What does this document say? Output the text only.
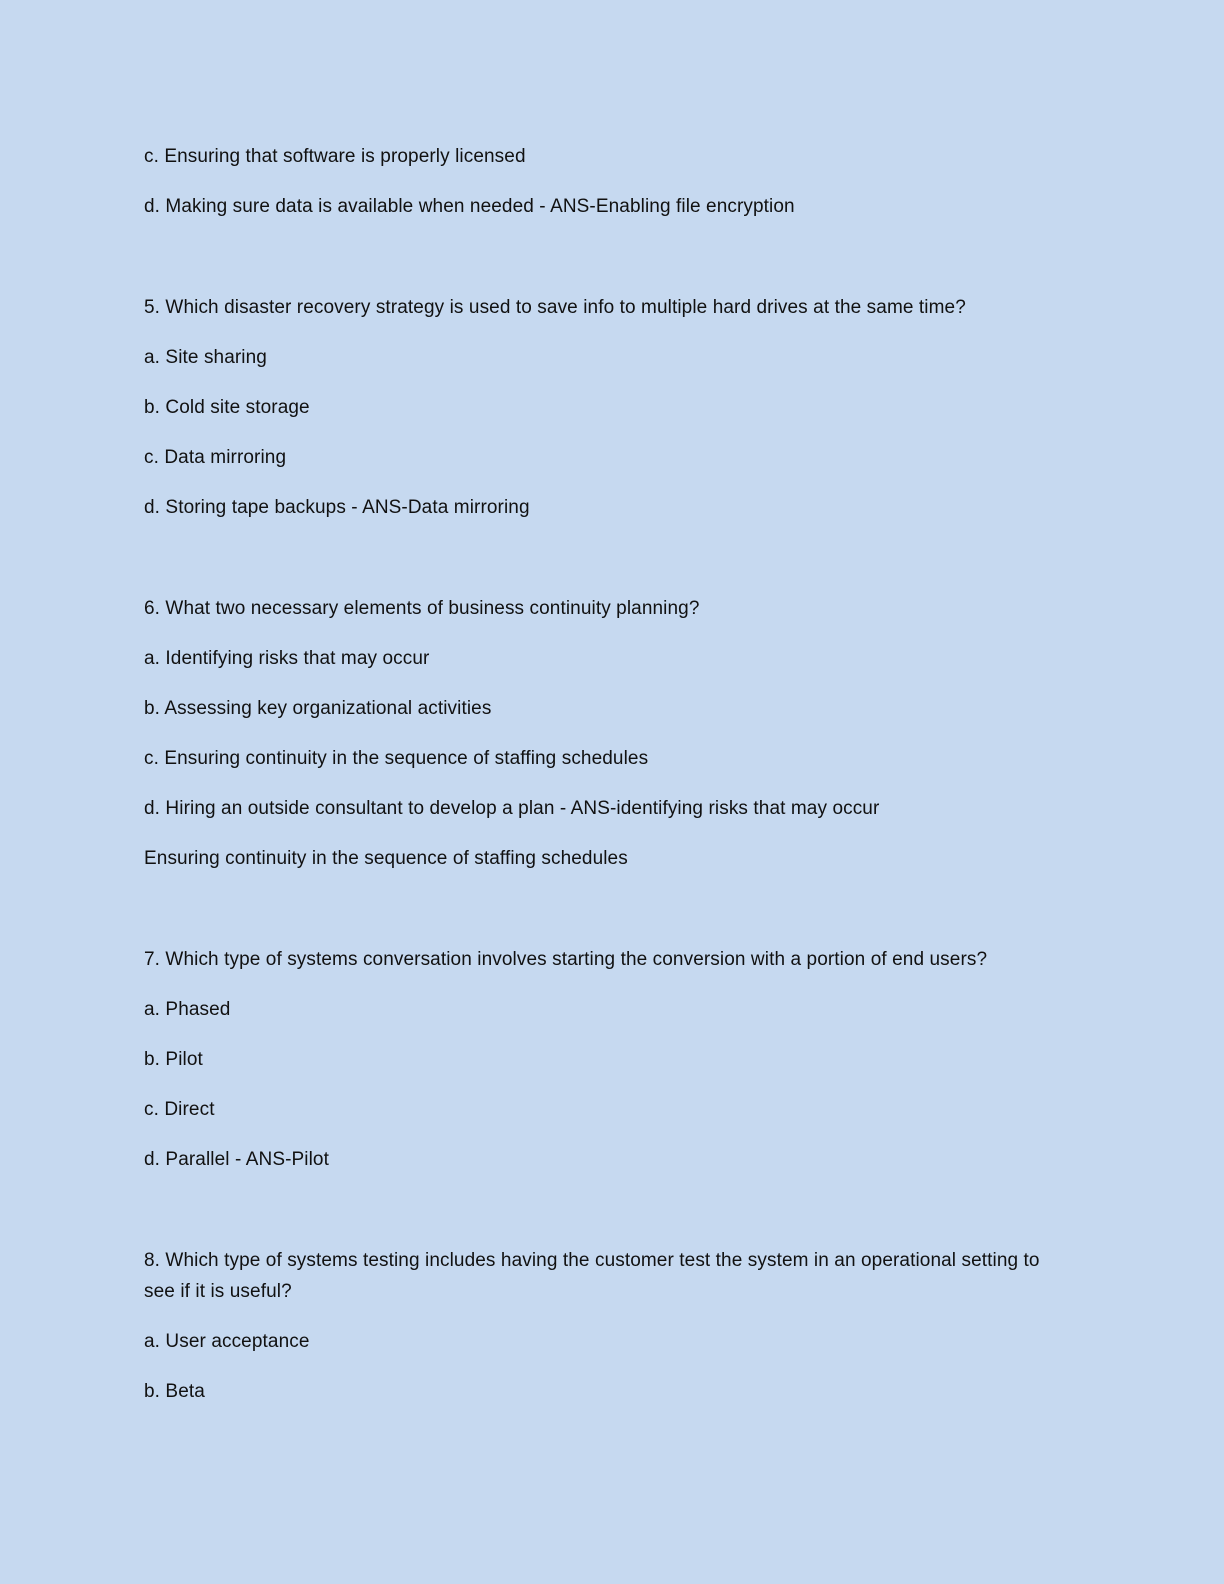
c. Ensuring that software is properly licensed

d. Making sure data is available when needed - ANS-Enabling file encryption

5. Which disaster recovery strategy is used to save info to multiple hard drives at the same time?

a. Site sharing

b. Cold site storage

c. Data mirroring

d. Storing tape backups - ANS-Data mirroring

6. What two necessary elements of business continuity planning?

a. Identifying risks that may occur

b. Assessing key organizational activities

c. Ensuring continuity in the sequence of staffing schedules

d. Hiring an outside consultant to develop a plan - ANS-identifying risks that may occur

Ensuring continuity in the sequence of staffing schedules

7. Which type of systems conversation involves starting the conversion with a portion of end users?

a. Phased

b. Pilot

c. Direct

d. Parallel - ANS-Pilot

8. Which type of systems testing includes having the customer test the system in an operational setting to see if it is useful?

a. User acceptance

b. Beta
